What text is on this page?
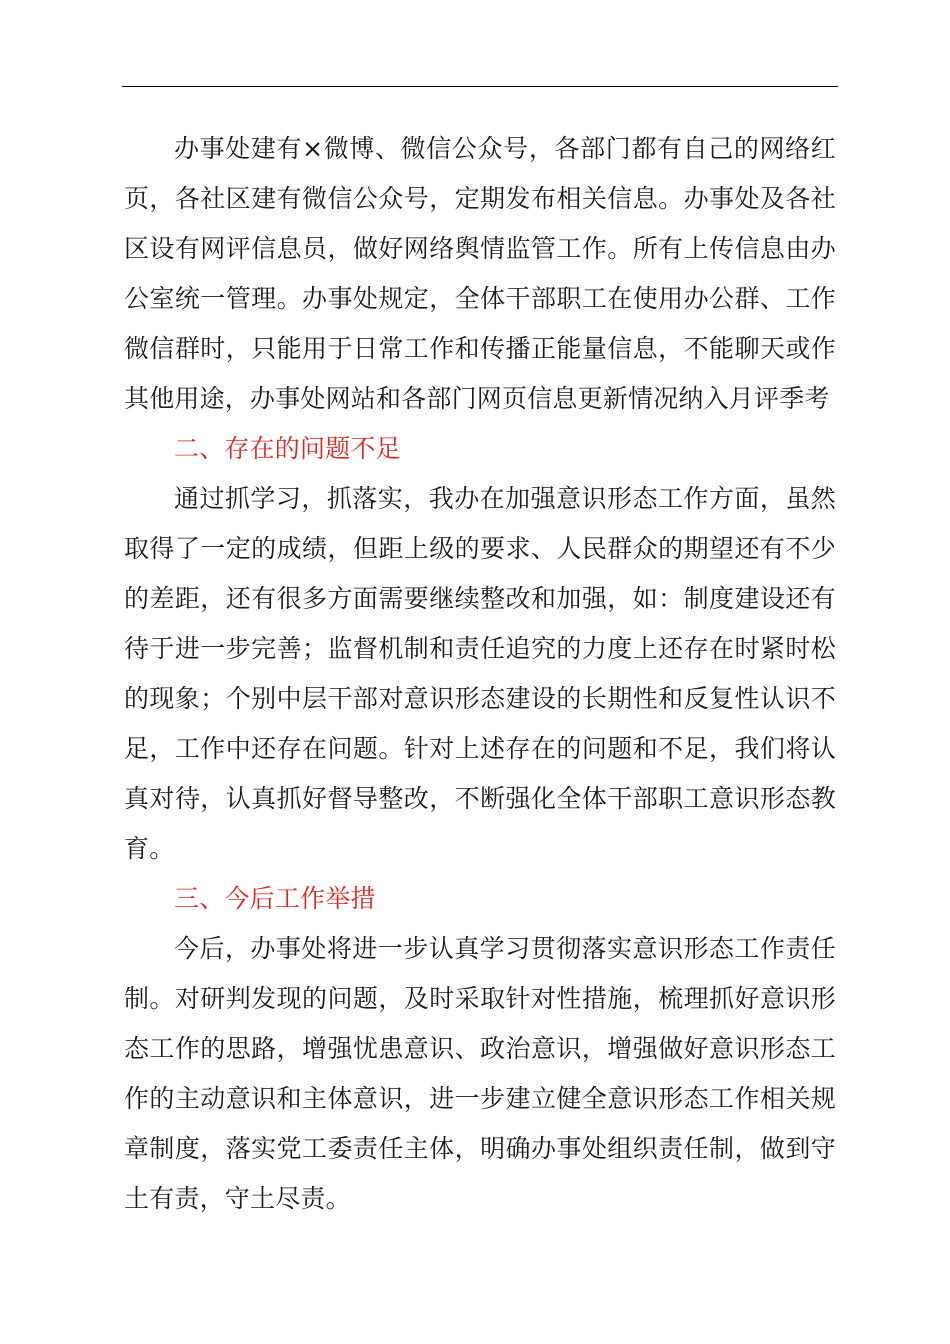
办事处建有×微博、微信公众号，各部门都有自己的网络红页，各社区建有微信公众号，定期发布相关信息。办事处及各社区设有网评信息员，做好网络舆情监管工作。所有上传信息由办公室统一管理。办事处规定，全体干部职工在使用办公群、工作微信群时，只能用于日常工作和传播正能量信息，不能聊天或作其他用途，办事处网站和各部门网页信息更新情况纳入月评季考

二、存在的问题不足

通过抓学习，抓落实，我办在加强意识形态工作方面，虽然取得了一定的成绩，但距上级的要求、人民群众的期望还有不少的差距，还有很多方面需要继续整改和加强，如：制度建设还有待于进一步完善；监督机制和责任追究的力度上还存在时紧时松的现象；个别中层干部对意识形态建设的长期性和反复性认识不足，工作中还存在问题。针对上述存在的问题和不足，我们将认真对待，认真抓好督导整改，不断强化全体干部职工意识形态教育。

三、今后工作举措

今后，办事处将进一步认真学习贯彻落实意识形态工作责任制。对研判发现的问题，及时采取针对性措施，梳理抓好意识形态工作的思路，增强忧患意识、政治意识，增强做好意识形态工作的主动意识和主体意识，进一步建立健全意识形态工作相关规章制度，落实党工委责任主体，明确办事处组织责任制，做到守土有责，守土尽责。
